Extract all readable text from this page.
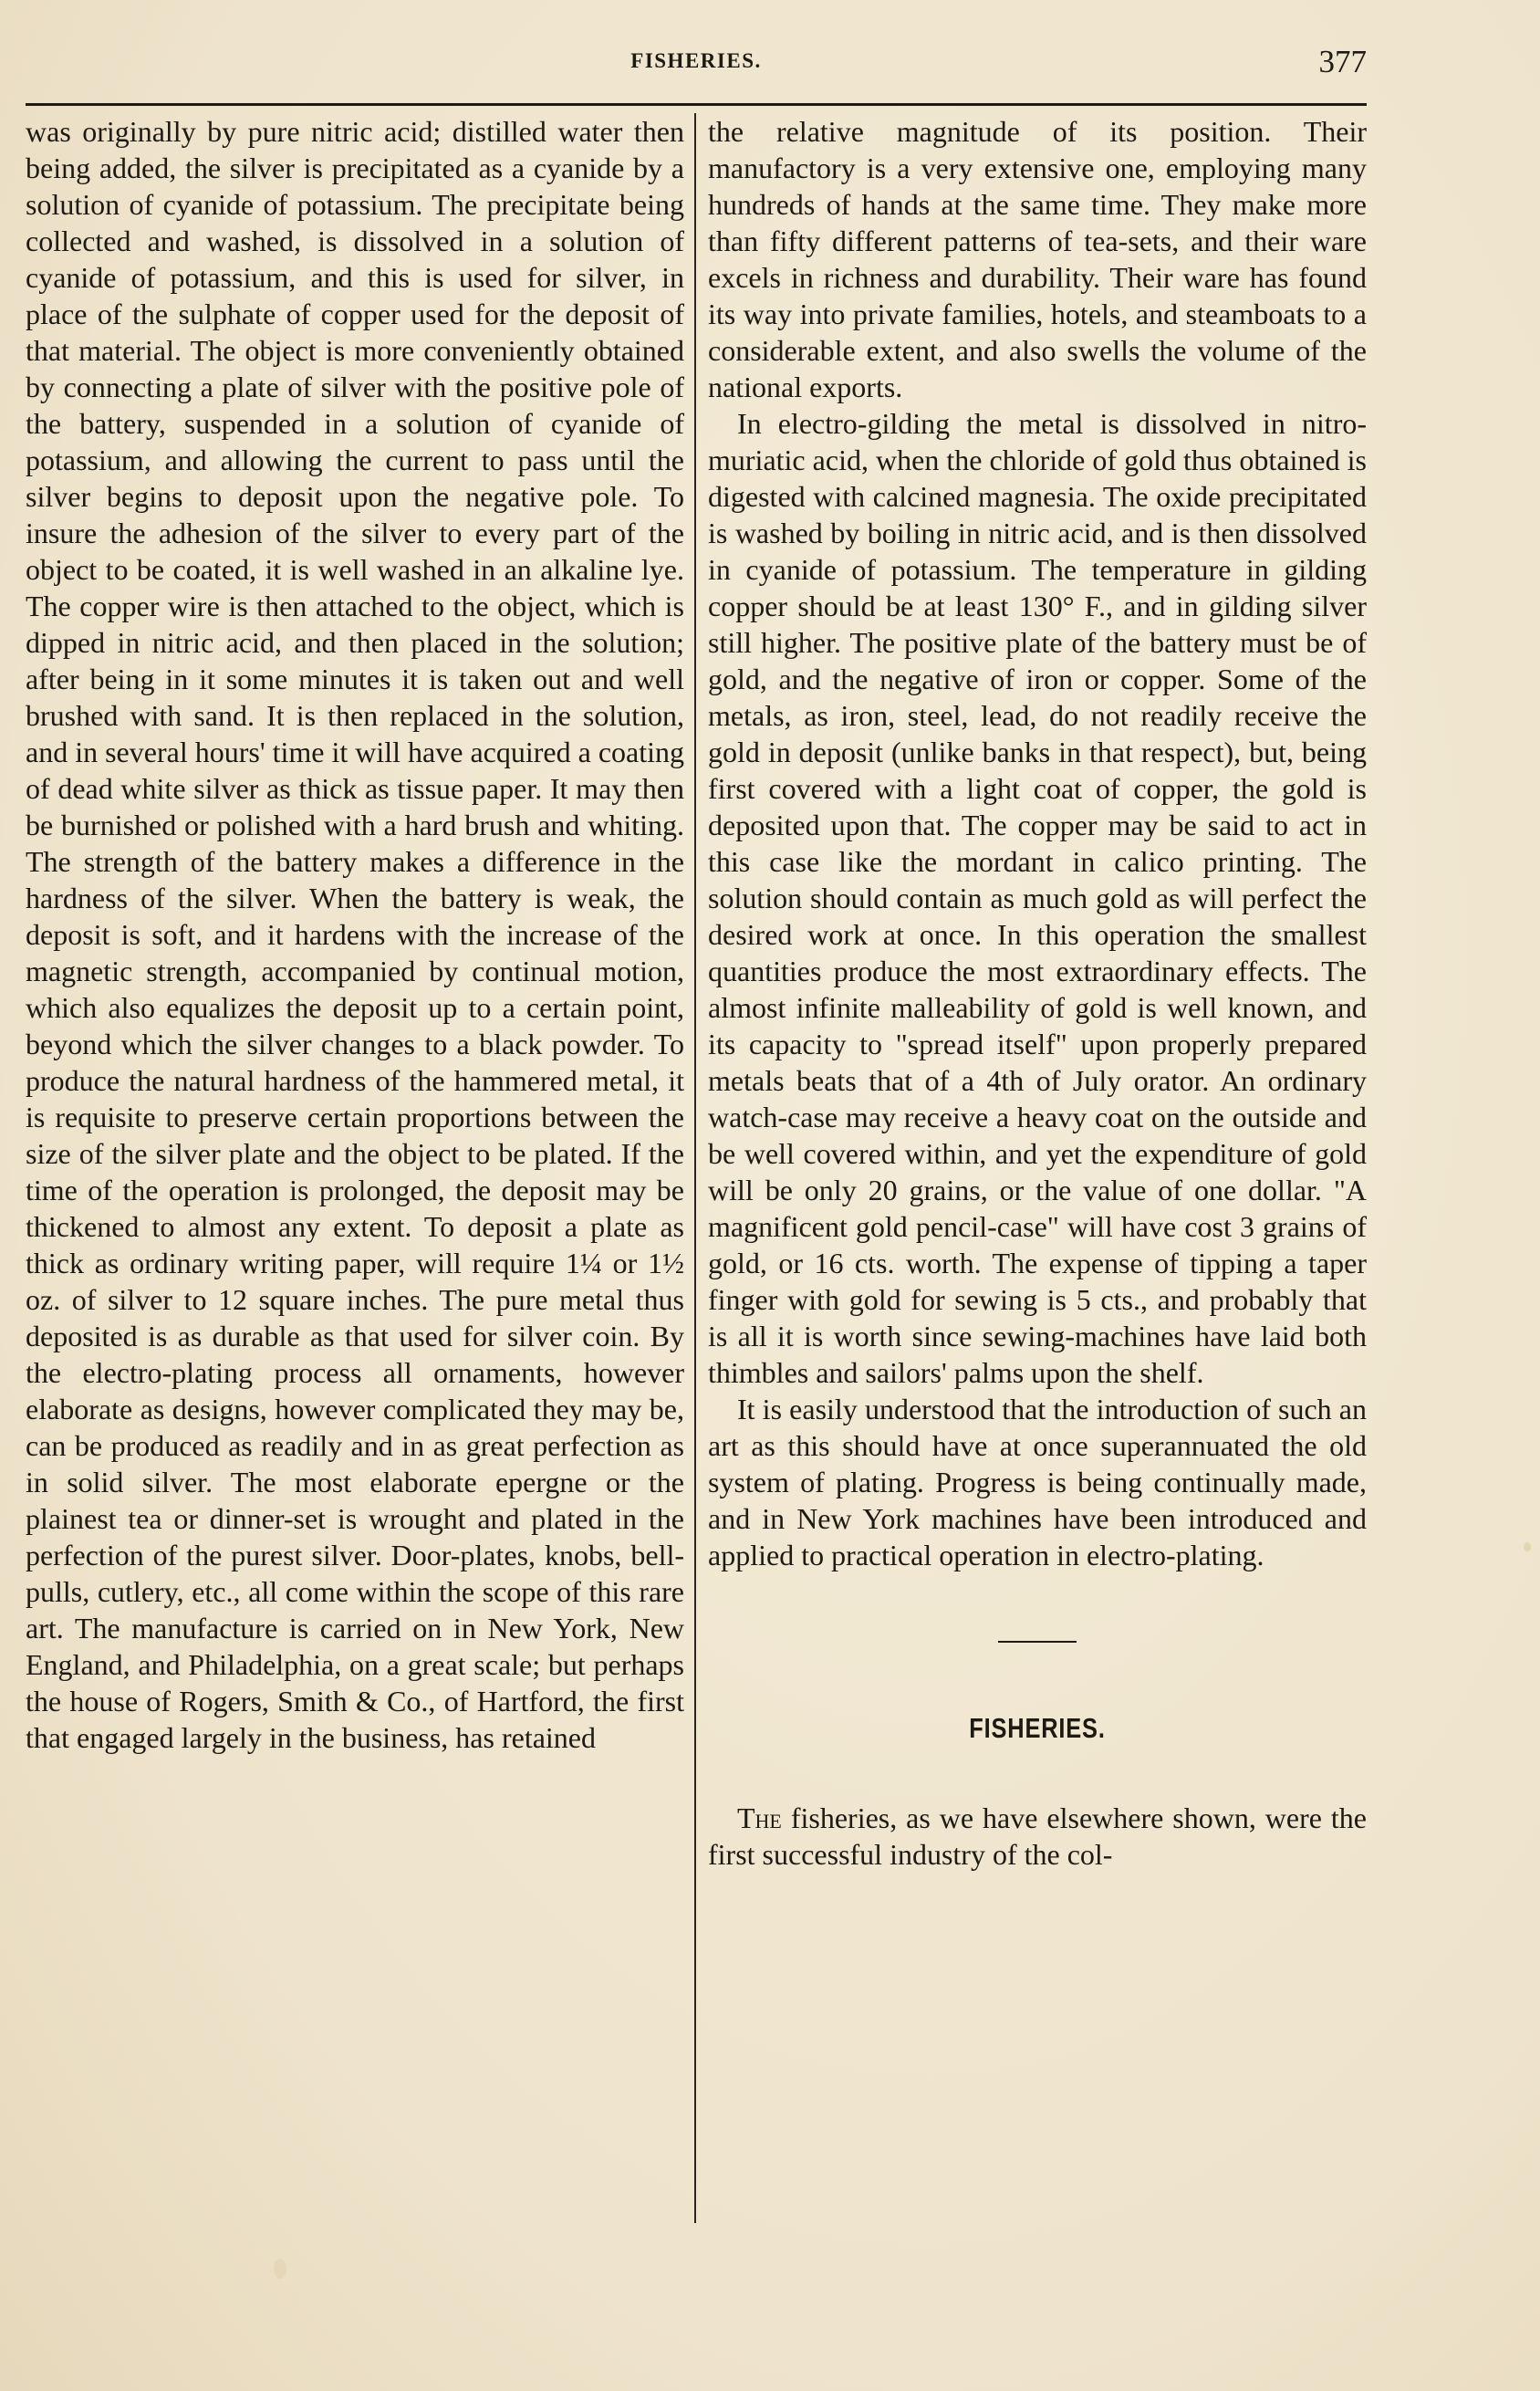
FISHERIES.	377

was originally by pure nitric acid; distilled water then being added, the silver is precipitated as a cyanide by a solution of cyanide of potassium. The precipitate being collected and washed, is dissolved in a solution of cyanide of potassium, and this is used for silver, in place of the sulphate of copper used for the deposit of that material. The object is more conveniently obtained by connecting a plate of silver with the positive pole of the battery, suspended in a solution of cyanide of potassium, and allowing the current to pass until the silver begins to deposit upon the negative pole. To insure the adhesion of the silver to every part of the object to be coated, it is well washed in an alkaline lye. The copper wire is then attached to the object, which is dipped in nitric acid, and then placed in the solution; after being in it some minutes it is taken out and well brushed with sand. It is then replaced in the solution, and in several hours' time it will have acquired a coating of dead white silver as thick as tissue paper. It may then be burnished or polished with a hard brush and whiting. The strength of the battery makes a difference in the hardness of the silver. When the battery is weak, the deposit is soft, and it hardens with the increase of the magnetic strength, accompanied by continual motion, which also equalizes the deposit up to a certain point, beyond which the silver changes to a black powder. To produce the natural hardness of the hammered metal, it is requisite to preserve certain proportions between the size of the silver plate and the object to be plated. If the time of the operation is prolonged, the deposit may be thickened to almost any extent. To deposit a plate as thick as ordinary writing paper, will require 1¼ or 1½ oz. of silver to 12 square inches. The pure metal thus deposited is as durable as that used for silver coin. By the electro-plating process all ornaments, however elaborate as designs, however complicated they may be, can be produced as readily and in as great perfection as in solid silver. The most elaborate epergne or the plainest tea or dinner-set is wrought and plated in the perfection of the purest silver. Door-plates, knobs, bell-pulls, cutlery, etc., all come within the scope of this rare art. The manufacture is carried on in New York, New England, and Philadelphia, on a great scale; but perhaps the house of Rogers, Smith & Co., of Hartford, the first that engaged largely in the business, has retained

the relative magnitude of its position. Their manufactory is a very extensive one, employing many hundreds of hands at the same time. They make more than fifty different patterns of tea-sets, and their ware excels in richness and durability. Their ware has found its way into private families, hotels, and steamboats to a considerable extent, and also swells the volume of the national exports.

In electro-gilding the metal is dissolved in nitro-muriatic acid, when the chloride of gold thus obtained is digested with calcined magnesia. The oxide precipitated is washed by boiling in nitric acid, and is then dissolved in cyanide of potassium. The temperature in gilding copper should be at least 130° F., and in gilding silver still higher. The positive plate of the battery must be of gold, and the negative of iron or copper. Some of the metals, as iron, steel, lead, do not readily receive the gold in deposit (unlike banks in that respect), but, being first covered with a light coat of copper, the gold is deposited upon that. The copper may be said to act in this case like the mordant in calico printing. The solution should contain as much gold as will perfect the desired work at once. In this operation the smallest quantities produce the most extraordinary effects. The almost infinite malleability of gold is well known, and its capacity to "spread itself" upon properly prepared metals beats that of a 4th of July orator. An ordinary watch-case may receive a heavy coat on the outside and be well covered within, and yet the expenditure of gold will be only 20 grains, or the value of one dollar. "A magnificent gold pencil-case" will have cost 3 grains of gold, or 16 cts. worth. The expense of tipping a taper finger with gold for sewing is 5 cts., and probably that is all it is worth since sewing-machines have laid both thimbles and sailors' palms upon the shelf.

It is easily understood that the introduction of such an art as this should have at once superannuated the old system of plating. Progress is being continually made, and in New York machines have been introduced and applied to practical operation in electro-plating.

FISHERIES.

The fisheries, as we have elsewhere shown, were the first successful industry of the col-
